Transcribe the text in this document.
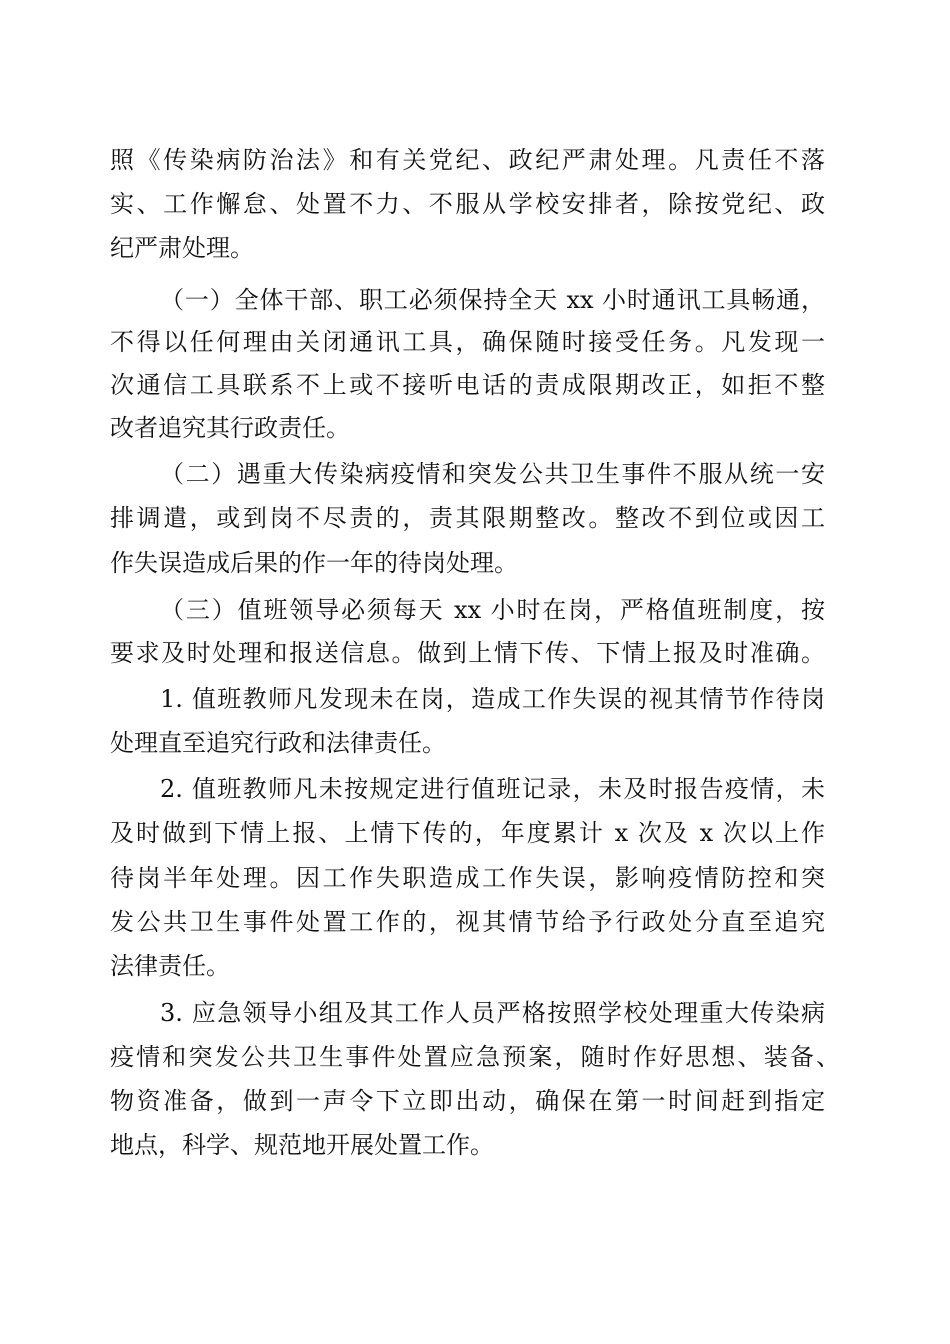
照《传染病防治法》和有关党纪、政纪严肃处理。凡责任不落
实、工作懈怠、处置不力、不服从学校安排者，除按党纪、政
纪严肃处理。
（一）全体干部、职工必须保持全天 xx 小时通讯工具畅通，
不得以任何理由关闭通讯工具，确保随时接受任务。凡发现一
次通信工具联系不上或不接听电话的责成限期改正，如拒不整
改者追究其行政责任。
（二）遇重大传染病疫情和突发公共卫生事件不服从统一安
排调遣，或到岗不尽责的，责其限期整改。整改不到位或因工
作失误造成后果的作一年的待岗处理。
（三）值班领导必须每天 xx 小时在岗，严格值班制度，按
要求及时处理和报送信息。做到上情下传、下情上报及时准确。
1. 值班教师凡发现未在岗，造成工作失误的视其情节作待岗
处理直至追究行政和法律责任。
2. 值班教师凡未按规定进行值班记录，未及时报告疫情，未
及时做到下情上报、上情下传的，年度累计 x 次及 x 次以上作
待岗半年处理。因工作失职造成工作失误，影响疫情防控和突
发公共卫生事件处置工作的，视其情节给予行政处分直至追究
法律责任。
3. 应急领导小组及其工作人员严格按照学校处理重大传染病
疫情和突发公共卫生事件处置应急预案，随时作好思想、装备、
物资准备，做到一声令下立即出动，确保在第一时间赶到指定
地点，科学、规范地开展处置工作。
